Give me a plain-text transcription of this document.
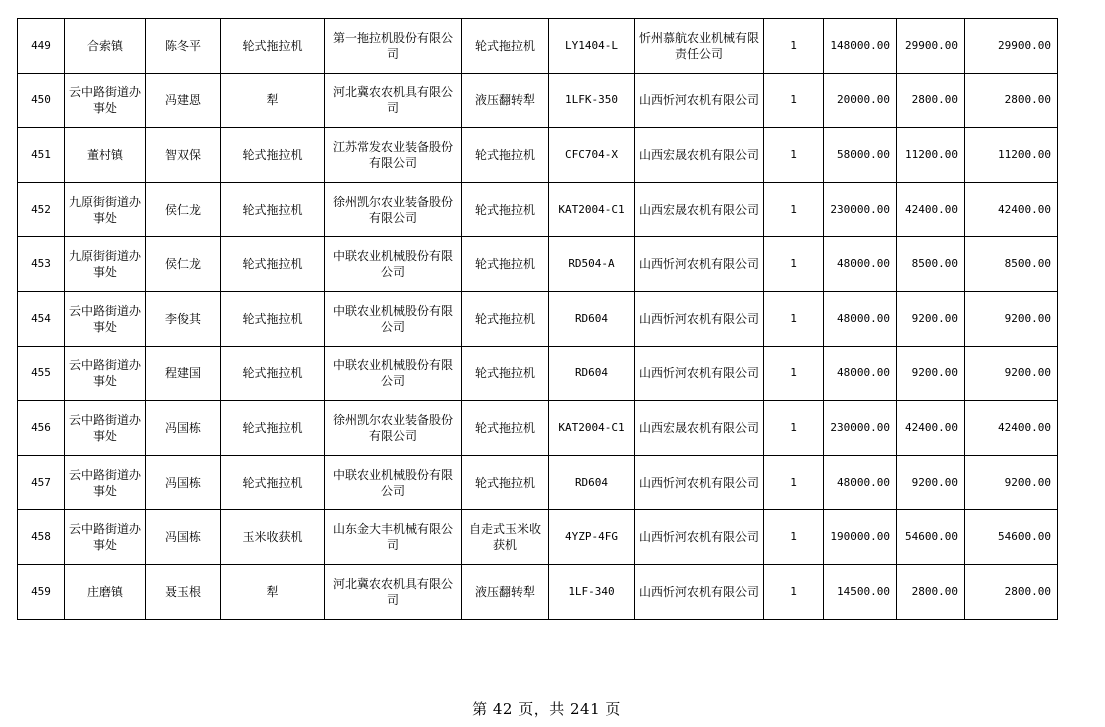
449	合索镇	陈冬平	轮式拖拉机	第一拖拉机股份有限公司	轮式拖拉机	LY1404-L	忻州慕航农业机械有限责任公司	1	148000.00	29900.00	29900.00
450	云中路街道办事处	冯建恩	犁	河北冀农农机具有限公司	液压翻转犁	1LFK-350	山西忻河农机有限公司	1	20000.00	2800.00	2800.00
451	董村镇	智双保	轮式拖拉机	江苏常发农业装备股份有限公司	轮式拖拉机	CFC704-X	山西宏晟农机有限公司	1	58000.00	11200.00	11200.00
452	九原街街道办事处	侯仁龙	轮式拖拉机	徐州凯尔农业装备股份有限公司	轮式拖拉机	KAT2004-C1	山西宏晟农机有限公司	1	230000.00	42400.00	42400.00
453	九原街街道办事处	侯仁龙	轮式拖拉机	中联农业机械股份有限公司	轮式拖拉机	RD504-A	山西忻河农机有限公司	1	48000.00	8500.00	8500.00
454	云中路街道办事处	李俊其	轮式拖拉机	中联农业机械股份有限公司	轮式拖拉机	RD604	山西忻河农机有限公司	1	48000.00	9200.00	9200.00
455	云中路街道办事处	程建国	轮式拖拉机	中联农业机械股份有限公司	轮式拖拉机	RD604	山西忻河农机有限公司	1	48000.00	9200.00	9200.00
456	云中路街道办事处	冯国栋	轮式拖拉机	徐州凯尔农业装备股份有限公司	轮式拖拉机	KAT2004-C1	山西宏晟农机有限公司	1	230000.00	42400.00	42400.00
457	云中路街道办事处	冯国栋	轮式拖拉机	中联农业机械股份有限公司	轮式拖拉机	RD604	山西忻河农机有限公司	1	48000.00	9200.00	9200.00
458	云中路街道办事处	冯国栋	玉米收获机	山东金大丰机械有限公司	自走式玉米收获机	4YZP-4FG	山西忻河农机有限公司	1	190000.00	54600.00	54600.00
459	庄磨镇	聂玉根	犁	河北冀农农机具有限公司	液压翻转犁	1LF-340	山西忻河农机有限公司	1	14500.00	2800.00	2800.00
第 42 页，共 241 页
